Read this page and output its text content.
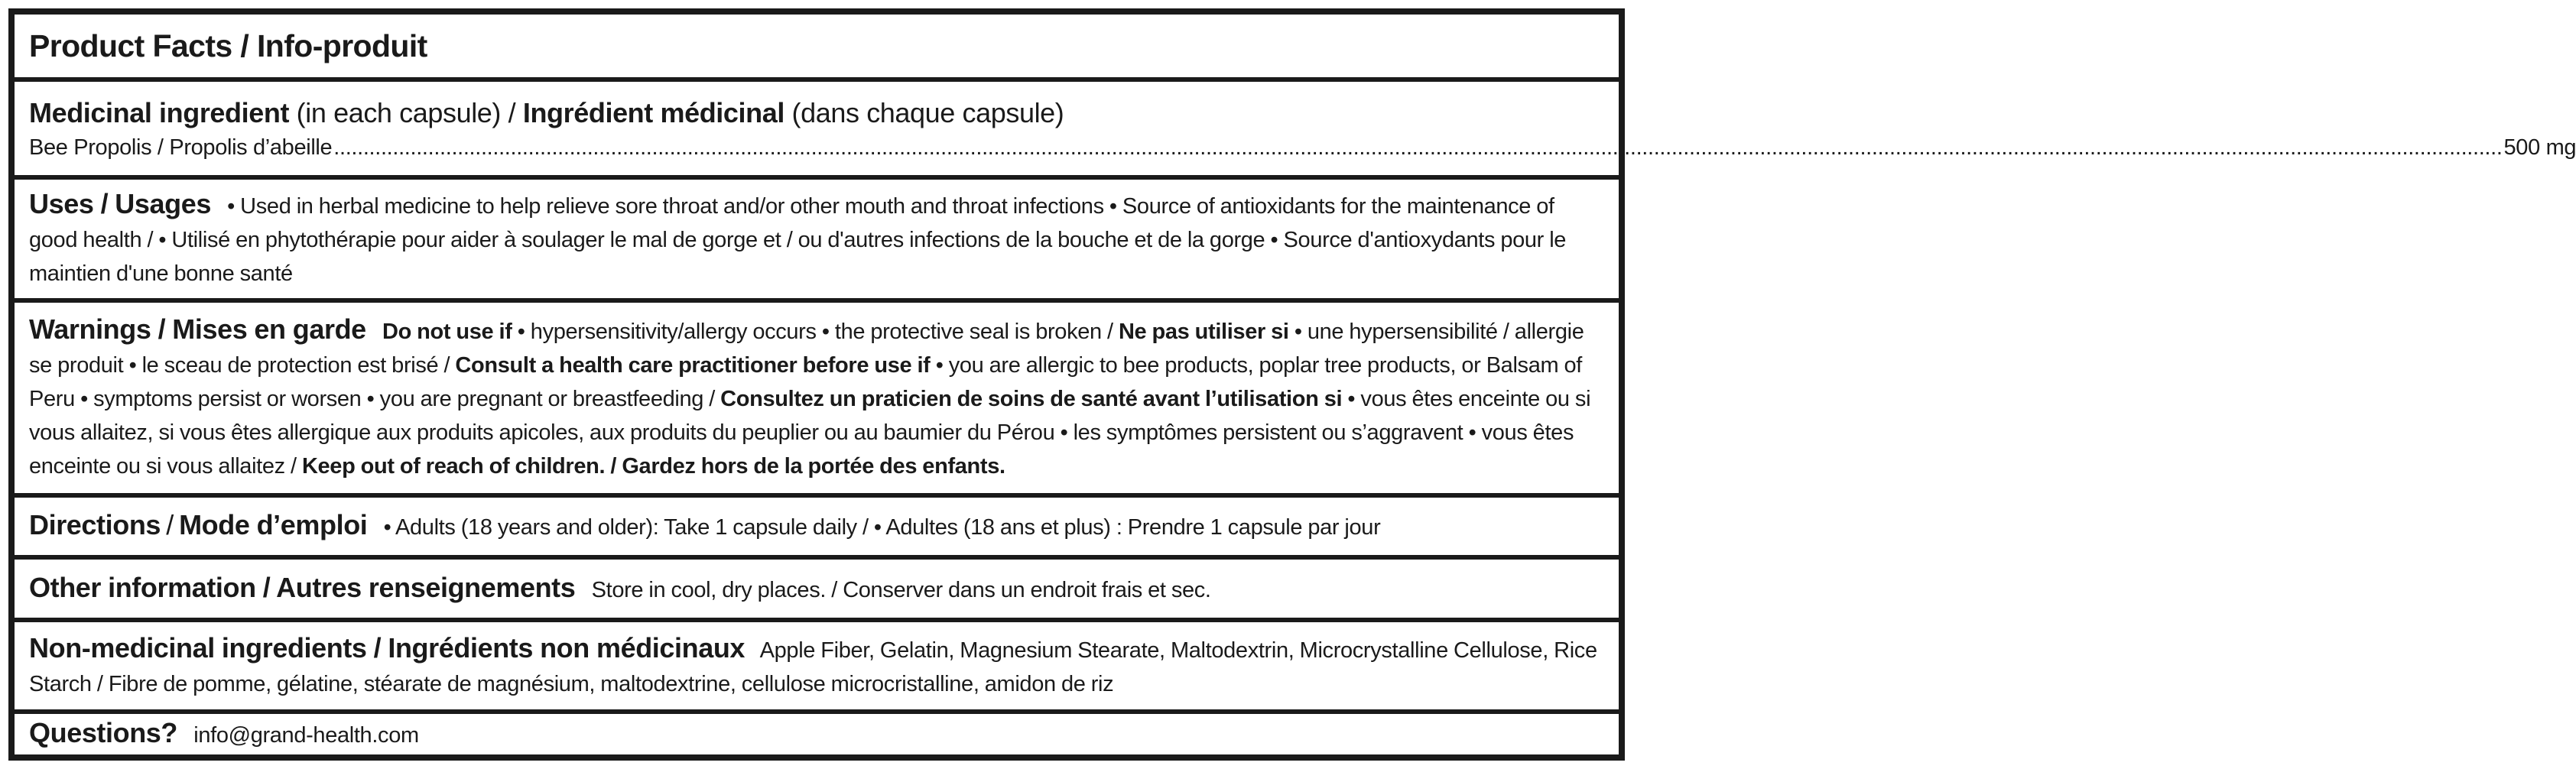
Product Facts / Info-produit
Medicinal ingredient (in each capsule) / Ingrédient médicinal (dans chaque capsule)
Bee Propolis / Propolis d’abeille ................................................................................................................................................................................................................................................................................................................................................................................ 500 mg
Uses / Usages • Used in herbal medicine to help relieve sore throat and/or other mouth and throat infections • Source of antioxidants for the maintenance of good health / • Utilisé en phytothérapie pour aider à soulager le mal de gorge et / ou d'autres infections de la bouche et de la gorge • Source d'antioxydants pour le maintien d'une bonne santé
Warnings / Mises en garde Do not use if • hypersensitivity/allergy occurs • the protective seal is broken / Ne pas utiliser si • une hypersensibilité / allergie se produit • le sceau de protection est brisé / Consult a health care practitioner before use if • you are allergic to bee products, poplar tree products, or Balsam of Peru • symptoms persist or worsen • you are pregnant or breastfeeding / Consultez un praticien de soins de santé avant l’utilisation si • vous êtes enceinte ou si vous allaitez, si vous êtes allergique aux produits apicoles, aux produits du peuplier ou au baumier du Pérou • les symptômes persistent ou s’aggravent • vous êtes enceinte ou si vous allaitez / Keep out of reach of children. / Gardez hors de la portée des enfants.
Directions / Mode d’emploi • Adults (18 years and older): Take 1 capsule daily / • Adultes (18 ans et plus) : Prendre 1 capsule par jour
Other information / Autres renseignements Store in cool, dry places. / Conserver dans un endroit frais et sec.
Non-medicinal ingredients / Ingrédients non médicinaux Apple Fiber, Gelatin, Magnesium Stearate, Maltodextrin, Microcrystalline Cellulose, Rice Starch / Fibre de pomme, gélatine, stéarate de magnésium, maltodextrine, cellulose microcristalline, amidon de riz
Questions? info@grand-health.com
